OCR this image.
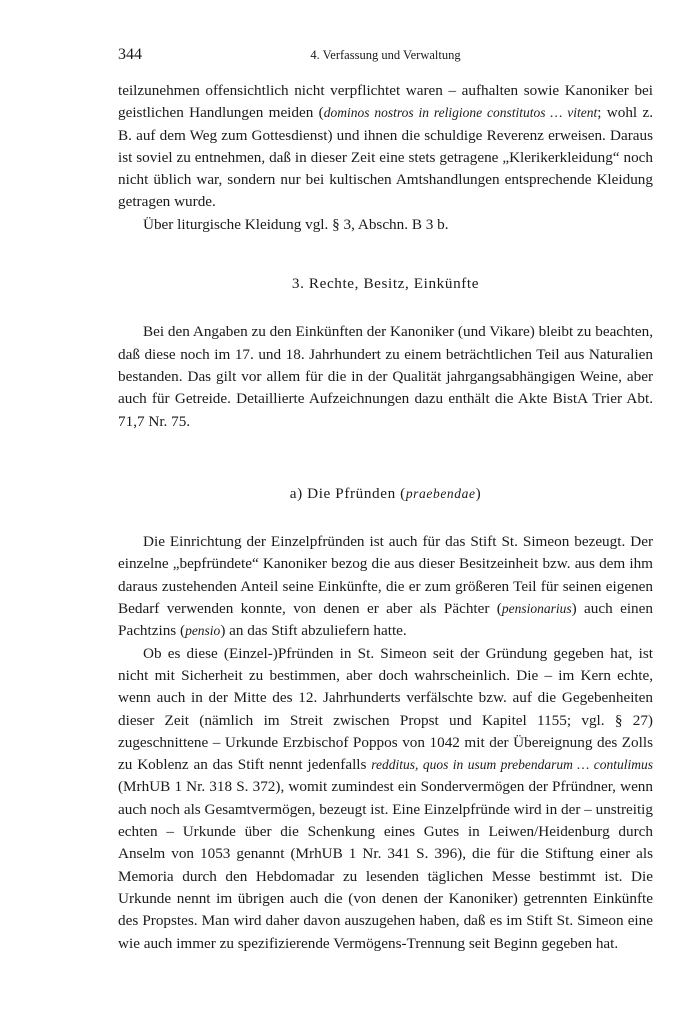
344	4. Verfassung und Verwaltung

teilzunehmen offensichtlich nicht verpflichtet waren – aufhalten sowie Kanoniker bei geistlichen Handlungen meiden (dominos nostros in religione constitutos … vitent; wohl z. B. auf dem Weg zum Gottesdienst) und ihnen die schuldige Reverenz erweisen. Daraus ist soviel zu entnehmen, daß in dieser Zeit eine stets getragene „Klerikerkleidung“ noch nicht üblich war, sondern nur bei kultischen Amtshandlungen entsprechende Kleidung getragen wurde.

Über liturgische Kleidung vgl. § 3, Abschn. B 3 b.

3. Rechte, Besitz, Einkünfte

Bei den Angaben zu den Einkünften der Kanoniker (und Vikare) bleibt zu beachten, daß diese noch im 17. und 18. Jahrhundert zu einem beträchtlichen Teil aus Naturalien bestanden. Das gilt vor allem für die in der Qualität jahrgangsabhängigen Weine, aber auch für Getreide. Detaillierte Aufzeichnungen dazu enthält die Akte BistA Trier Abt. 71,7 Nr. 75.

a) Die Pfründen (praebendae)

Die Einrichtung der Einzelpfründen ist auch für das Stift St. Simeon bezeugt. Der einzelne „bepfründete“ Kanoniker bezog die aus dieser Besitzeinheit bzw. aus dem ihm daraus zustehenden Anteil seine Einkünfte, die er zum größeren Teil für seinen eigenen Bedarf verwenden konnte, von denen er aber als Pächter (pensionarius) auch einen Pachtzins (pensio) an das Stift abzuliefern hatte.

Ob es diese (Einzel-)Pfründen in St. Simeon seit der Gründung gegeben hat, ist nicht mit Sicherheit zu bestimmen, aber doch wahrscheinlich. Die – im Kern echte, wenn auch in der Mitte des 12. Jahrhunderts verfälschte bzw. auf die Gegebenheiten dieser Zeit (nämlich im Streit zwischen Propst und Kapitel 1155; vgl. § 27) zugeschnittene – Urkunde Erzbischof Poppos von 1042 mit der Übereignung des Zolls zu Koblenz an das Stift nennt jedenfalls redditus, quos in usum prebendarum … contulimus (MrhUB 1 Nr. 318 S. 372), womit zumindest ein Sondervermögen der Pfründner, wenn auch noch als Gesamtvermögen, bezeugt ist. Eine Einzelpfründe wird in der – unstreitig echten – Urkunde über die Schenkung eines Gutes in Leiwen/Heidenburg durch Anselm von 1053 genannt (MrhUB 1 Nr. 341 S. 396), die für die Stiftung einer als Memoria durch den Hebdomadar zu lesenden täglichen Messe bestimmt ist. Die Urkunde nennt im übrigen auch die (von denen der Kanoniker) getrennten Einkünfte des Propstes. Man wird daher davon auszugehen haben, daß es im Stift St. Simeon eine wie auch immer zu spezifizierende Vermögens-Trennung seit Beginn gegeben hat.
